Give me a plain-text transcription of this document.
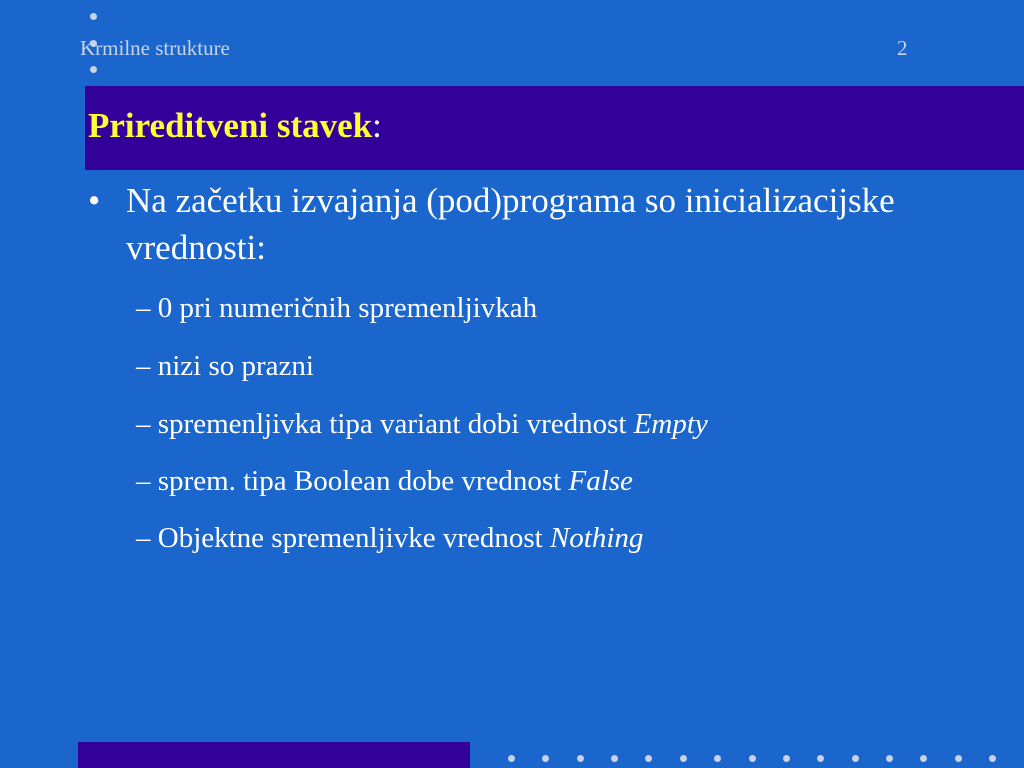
Krmilne strukture	2
Prireditveni stavek:
• Na začetku izvajanja (pod)programa so inicializacijske vrednosti:
– 0 pri numeričnih spremenljivkah
– nizi so prazni
– spremenljivka tipa variant dobi vrednost Empty
– sprem. tipa Boolean dobe vrednost False
– Objektne spremenljivke vrednost Nothing
